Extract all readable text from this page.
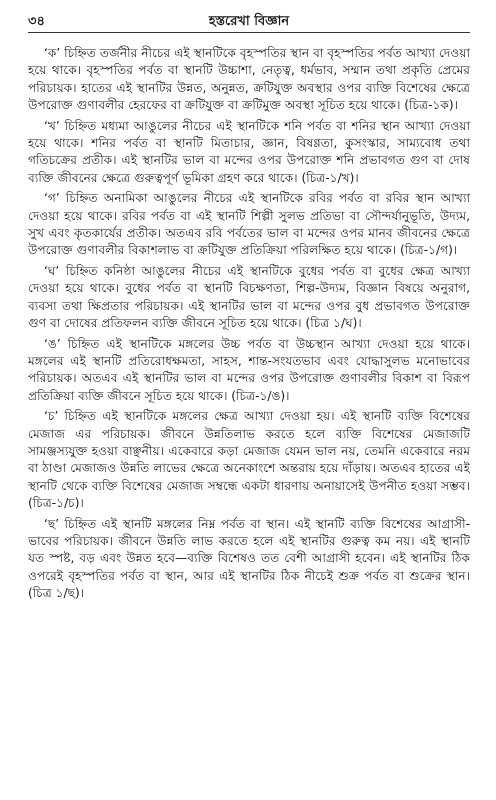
৩৪	হস্তরেখা বিজ্ঞান

‘ক’ চিহ্নিত তর্জনীর নীচের এই স্থানটিকে বৃহস্পতির স্থান বা বৃহস্পতির পর্বত আখ্যা দেওয়া হয়ে থাকে। বৃহস্পতির পর্বত বা স্থানটি উচ্চাশা, নেতৃত্ব, ধর্মভাব, সম্মান তথা প্রকৃতি প্রেমের পরিচায়ক। হাতের এই স্থানটির উন্নত, অনুন্নত, ক্রটিযুক্ত অবস্থার ওপর ব্যক্তি বিশেষের ক্ষেত্রে উপরোক্ত গুণাবলীর হেরফের বা ক্রটিযুক্ত বা ক্রটিমুক্ত অবস্থা সূচিত হয়ে থাকে। (চিত্র-১ক)।

‘খ’ চিহ্নিত মধ্যমা আঙুলের নীচের এই স্থানটিকে শনি পর্বত বা শনির স্থান আখ্যা দেওয়া হয়ে থাকে। শনির পর্বত বা স্থানটি মিতাচার, জ্ঞান, বিষণ্ণতা, কুসংস্কার, সাম্যবোধ তথা গতিচক্রের প্রতীক। এই স্থানটির ভাল বা মন্দের ওপর উপরোক্ত শনি প্রভাবগত গুণ বা দোষ ব্যক্তি জীবনের ক্ষেত্রে গুরুত্বপূর্ণ ভূমিকা গ্রহণ করে থাকে। (চিত্র-১/খ)।

‘গ’ চিহ্নিত অনামিকা আঙুলের নীচের এই স্থানটিকে রবির পর্বত বা রবির স্থান আখ্যা দেওয়া হয়ে থাকে। রবির পর্বত বা এই স্থানটি শিল্পী সুলভ প্রতিভা বা সৌন্দর্যানুভূতি, উদ্যম, সুখ এবং কৃতকার্যের প্রতীক। অতএব রবি পর্বতের ভাল বা মন্দের ওপর মানব জীবনের ক্ষেত্রে উপরোক্ত গুণাবলীর বিকাশলাভ বা ক্রটিযুক্ত প্রতিক্রিয়া পরিলক্ষিত হয়ে থাকে। (চিত্র-১/গ)।

‘ঘ’ চিহ্নিত কনিষ্ঠা আঙুলের নীচের এই স্থানটিকে বুধের পর্বত বা বুধের ক্ষেত্র আখ্যা দেওয়া হয়ে থাকে। বুধের পর্বত বা স্থানটি বিচক্ষণতা, শিল্প-উদ্যম, বিজ্ঞান বিষয়ে অনুরাগ, ব্যবসা তথা ক্ষিপ্রতার পরিচায়ক। এই স্থানটির ভাল বা মন্দের ওপর বুধ প্রভাবগত উপরোক্ত গুণ বা দোষের প্রতিফলন ব্যক্তি জীবনে সূচিত হয়ে থাকে। (চিত্র ১/ঘ)।

‘ঙ’ চিহ্নিত এই স্থানটিকে মঙ্গলের উচ্চ পর্বত বা উচ্চস্থান আখ্যা দেওয়া হয়ে থাকে। মঙ্গলের এই স্থানটি প্রতিরোধক্ষমতা, সাহস, শান্ত-সংযতভাব এবং যোদ্ধাসুলভ মনোভাবের পরিচায়ক। অতএব এই স্থানটির ভাল বা মন্দের ওপর উপরোক্ত গুণাবলীর বিকাশ বা বিরূপ প্রতিক্রিয়া ব্যক্তি জীবনে সূচিত হয়ে থাকে। (চিত্র-১/ঙ)।

‘চ’ চিহ্নিত এই স্থানটিকে মঙ্গলের ক্ষেত্র আখ্যা দেওয়া হয়। এই স্থানটি ব্যক্তি বিশেষের মেজাজ এর পরিচায়ক। জীবনে উন্নতিলাভ করতে হলে ব্যক্তি বিশেষের মেজাজটি সামঞ্জস্যযুক্ত হওয়া বাঞ্ছনীয়। একেবারে কড়া মেজাজ যেমন ভাল নয়, তেমনি একেবারে নরম বা ঠাণ্ডা মেজাজও উন্নতি লাভের ক্ষেত্রে অনেকাংশে অন্তরায় হয়ে দাঁড়ায়। অতএব হাতের এই স্থানটি থেকে ব্যক্তি বিশেষের মেজাজ সম্বন্ধে একটা ধারণায় অনায়াসেই উপনীত হওয়া সম্ভব। (চিত্র-১/চ)।

‘ছ’ চিহ্নিত এই স্থানটি মঙ্গলের নিম্ন পর্বত বা স্থান। এই স্থানটি ব্যক্তি বিশেষের আগ্রাসী-ভাবের পরিচায়ক। জীবনে উন্নতি লাভ করতে হলে এই স্থানটির গুরুত্ব কম নয়। এই স্থানটি যত স্পষ্ট, বড় এবং উন্নত হবে—ব্যক্তি বিশেষও তত বেশী আগ্রাসী হবেন। এই স্থানটির ঠিক ওপরেই বৃহস্পতির পর্বত বা স্থান, আর এই স্থানটির ঠিক নীচেই শুক্র পর্বত বা শুক্রের স্থান। (চিত্র ১/ছ)।
